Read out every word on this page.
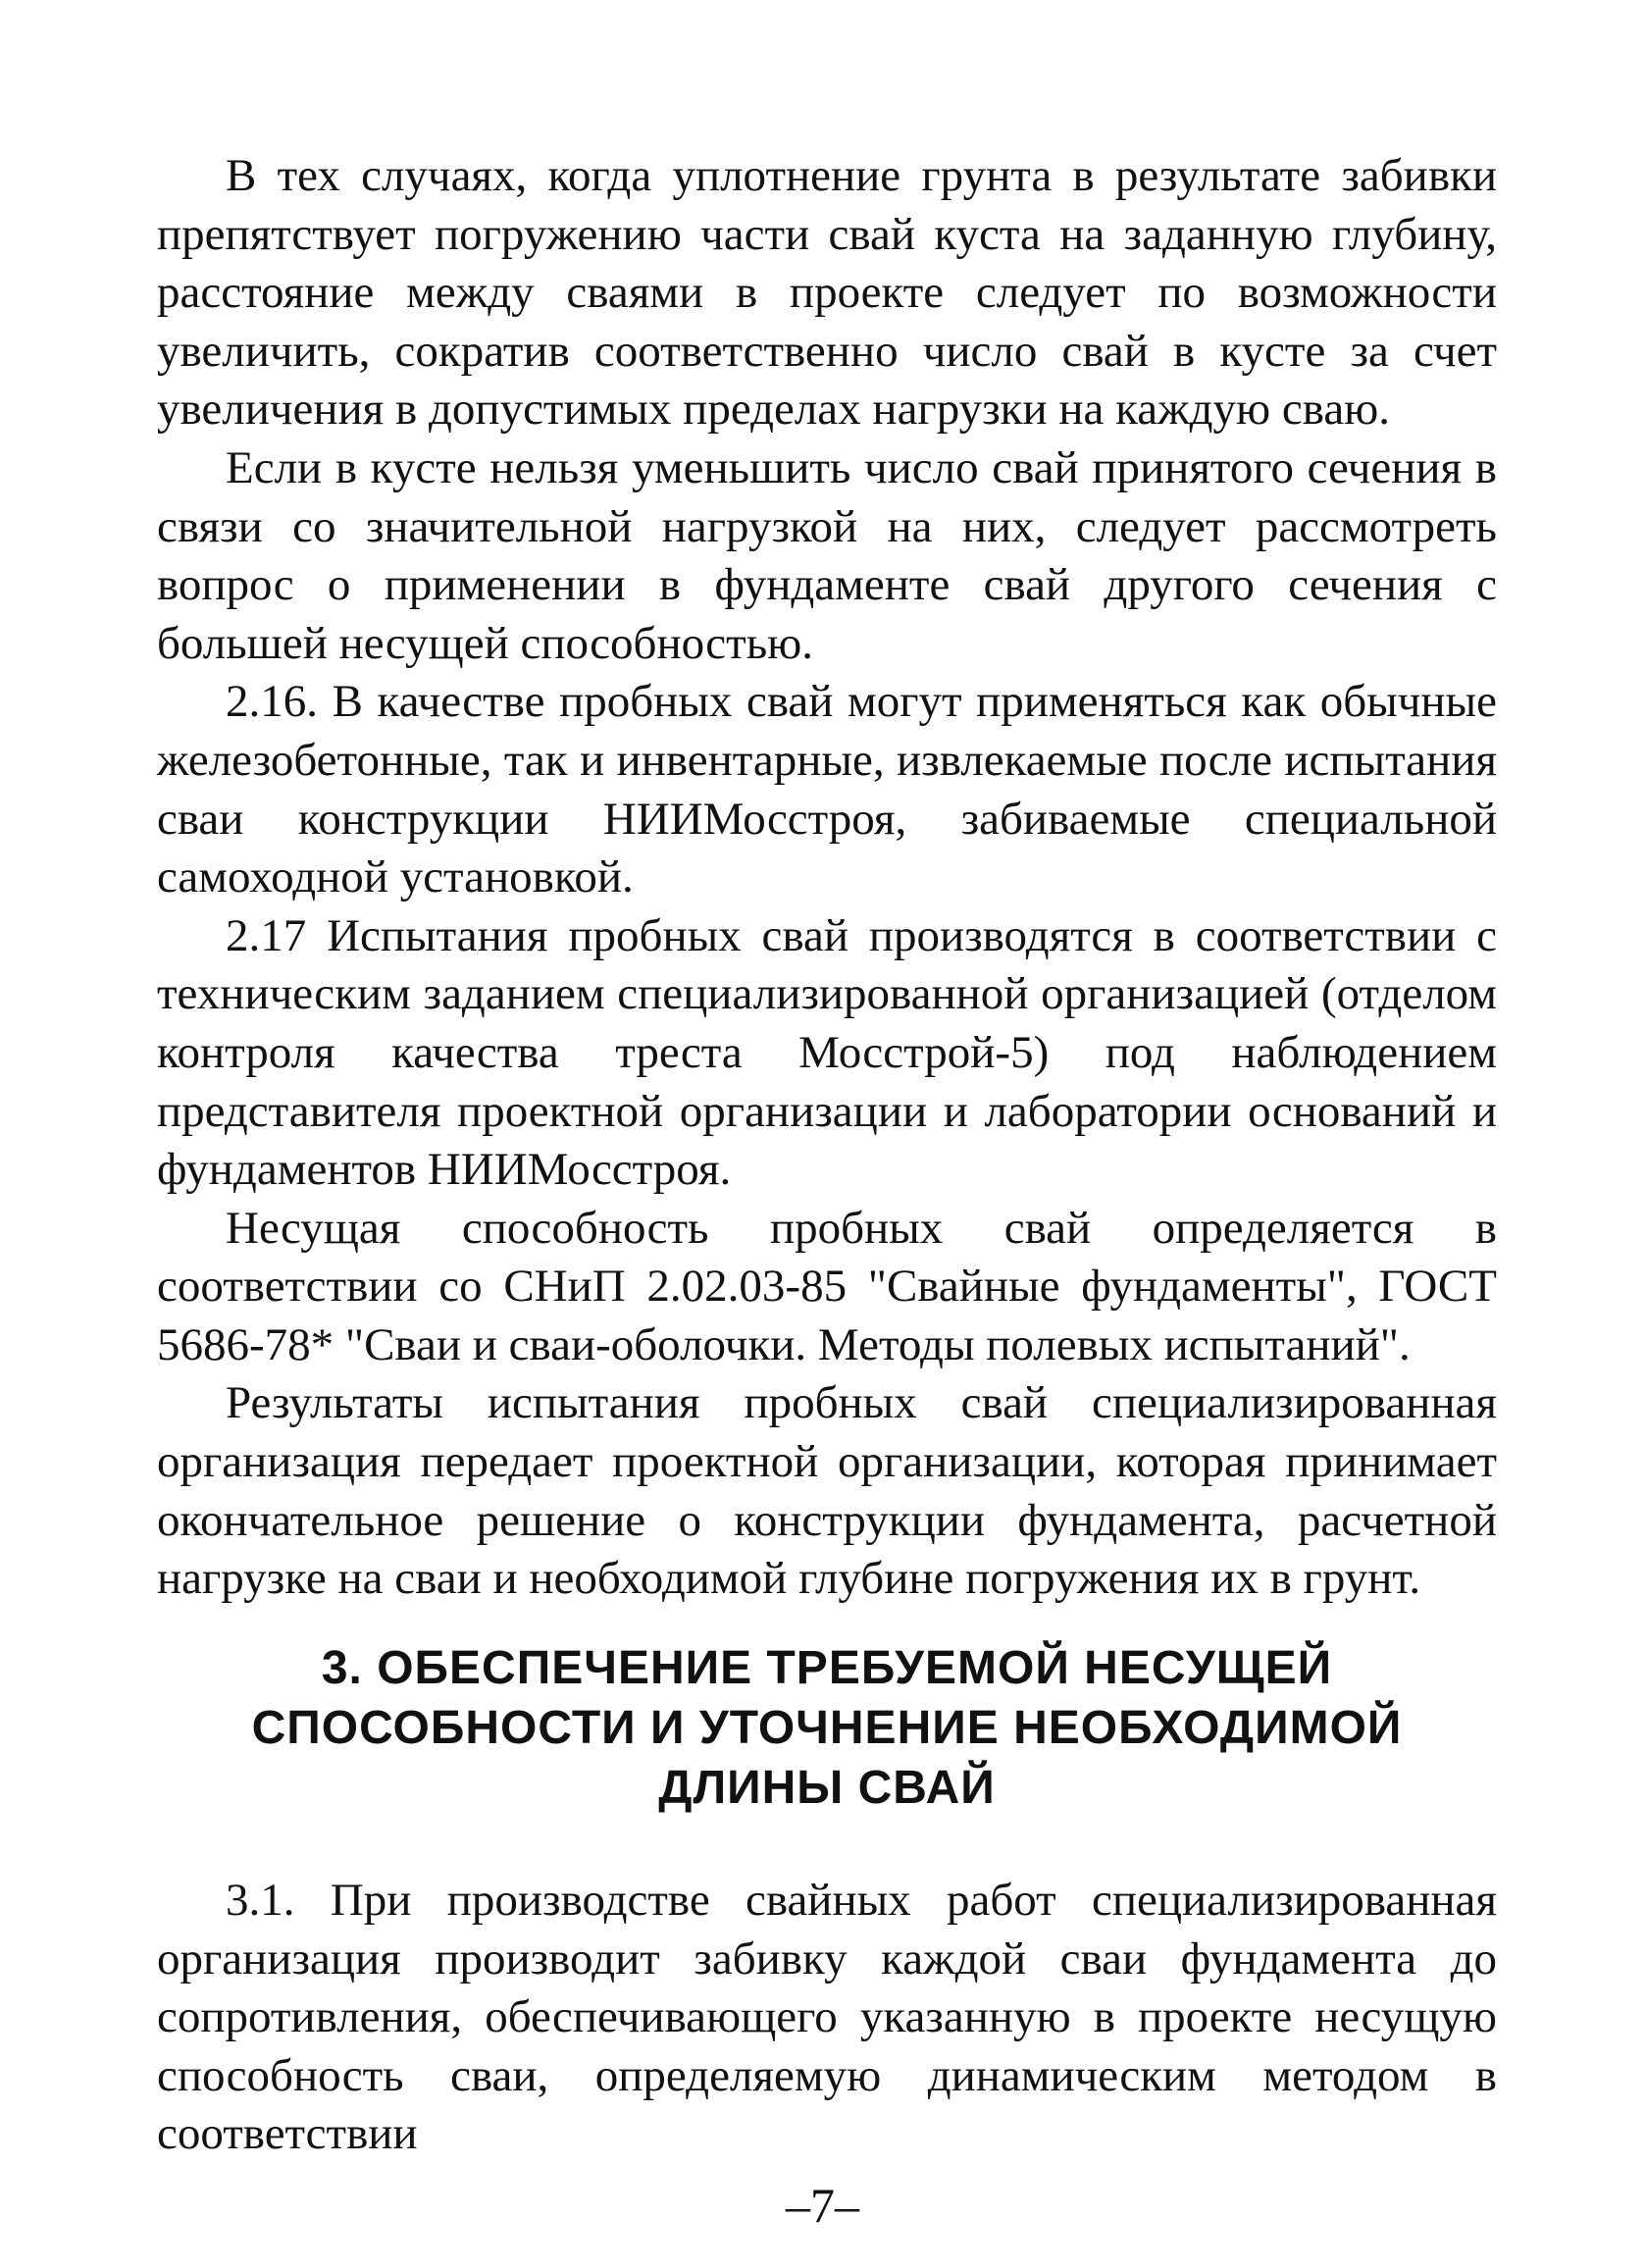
В тех случаях, когда уплотнение грунта в результате забивки препятствует погружению части свай куста на заданную глубину, расстояние между сваями в проекте следует по возможности увеличить, сократив соответственно число свай в кусте за счет увеличения в допустимых пределах нагрузки на каждую сваю.

Если в кусте нельзя уменьшить число свай принятого сечения в связи со значительной нагрузкой на них, следует рассмотреть вопрос о применении в фундаменте свай другого сечения с большей несущей способностью.

2.16. В качестве пробных свай могут применяться как обычные железобетонные, так и инвентарные, извлекаемые после испытания сваи конструкции НИИМосстроя, забиваемые специальной самоходной установкой.

2.17 Испытания пробных свай производятся в соответствии с техническим заданием специализированной организацией (отделом контроля качества треста Мосстрой-5) под наблюдением представителя проектной организации и лаборатории оснований и фундаментов НИИМосстроя.

Несущая способность пробных свай определяется в соответствии со СНиП 2.02.03-85 "Свайные фундаменты", ГОСТ 5686-78* "Сваи и сваи-оболочки. Методы полевых испытаний".

Результаты испытания пробных свай специализированная организация передает проектной организации, которая принимает окончательное решение о конструкции фундамента, расчетной нагрузке на сваи и необходимой глубине погружения их в грунт.

3. ОБЕСПЕЧЕНИЕ ТРЕБУЕМОЙ НЕСУЩЕЙ
СПОСОБНОСТИ И УТОЧНЕНИЕ НЕОБХОДИМОЙ
ДЛИНЫ СВАЙ

3.1. При производстве свайных работ специализированная организация производит забивку каждой сваи фундамента до сопротивления, обеспечивающего указанную в проекте несущую способность сваи, определяемую динамическим методом в соответствии

–7–
